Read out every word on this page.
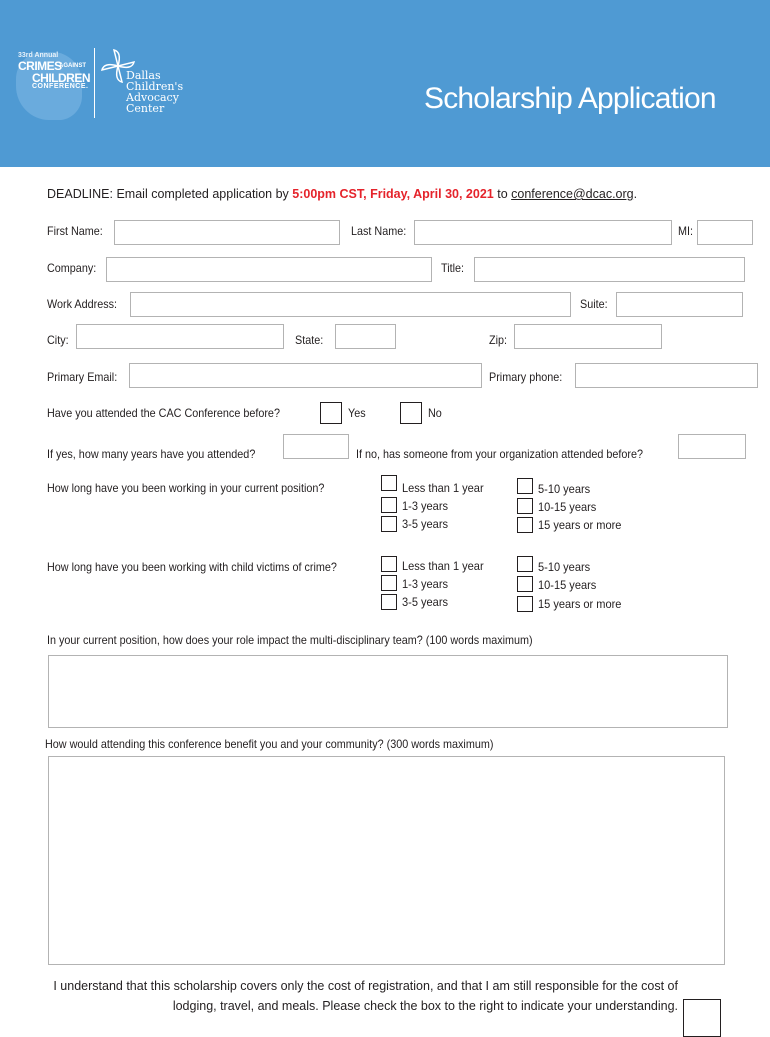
33rd Annual
CRIMES
AGAINST
CHILDREN
CONFERENCE.
Dallas
Children's
Advocacy
Center	Scholarship Application
DEADLINE: Email completed application by 5:00pm CST, Friday, April 30, 2021 to conference@dcac.org.
First Name:	Last Name:	MI:
Company:	Title:
Work Address:	Suite:
City:	State:	Zip:
Primary Email:	Primary phone:
Have you attended the CAC Conference before?	Yes	No
If yes, how many years have you attended?	If no, has someone from your organization attended before?
How long have you been working in your current position?	Less than 1 year
1-3 years
3-5 years
5-10 years
10-15 years
15 years or more
How long have you been working with child victims of crime?	Less than 1 year
1-3 years
3-5 years
5-10 years
10-15 years
15 years or more
In your current position, how does your role impact the multi-disciplinary team? (100 words maximum)
How would attending this conference benefit you and your community? (300 words maximum)
I understand that this scholarship covers only the cost of registration, and that I am still responsible for the cost of
lodging, travel, and meals. Please check the box to the right to indicate your understanding.
